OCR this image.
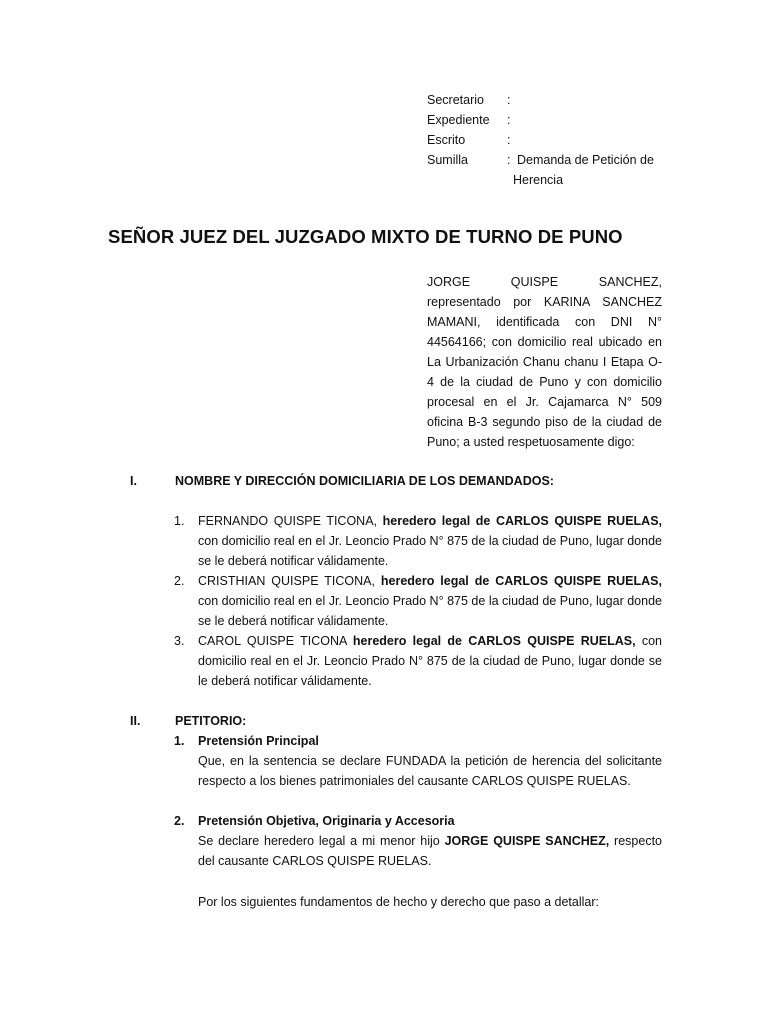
Secretario	:
Expediente	:
Escrito	:
Sumilla	: Demanda de Petición de
Herencia
SEÑOR JUEZ DEL JUZGADO MIXTO DE TURNO DE PUNO
JORGE QUISPE SANCHEZ, representado por KARINA SANCHEZ MAMANI, identificada con DNI N° 44564166; con domicilio real ubicado en La Urbanización Chanu chanu I Etapa O-4 de la ciudad de Puno y con domicilio procesal en el Jr. Cajamarca N° 509 oficina B-3 segundo piso de la ciudad de Puno; a usted respetuosamente digo:
I.	NOMBRE Y DIRECCIÓN DOMICILIARIA DE LOS DEMANDADOS:
1.	FERNANDO QUISPE TICONA, heredero legal de CARLOS QUISPE RUELAS, con domicilio real en el Jr. Leoncio Prado N° 875 de la ciudad de Puno, lugar donde se le deberá notificar válidamente.
2.	CRISTHIAN QUISPE TICONA, heredero legal de CARLOS QUISPE RUELAS, con domicilio real en el Jr. Leoncio Prado N° 875 de la ciudad de Puno, lugar donde se le deberá notificar válidamente.
3.	CAROL QUISPE TICONA heredero legal de CARLOS QUISPE RUELAS, con domicilio real en el Jr. Leoncio Prado N° 875 de la ciudad de Puno, lugar donde se le deberá notificar válidamente.
II.	PETITORIO:
1.	Pretensión Principal
Que, en la sentencia se declare FUNDADA la petición de herencia del solicitante respecto a los bienes patrimoniales del causante CARLOS QUISPE RUELAS.
2.	Pretensión Objetiva, Originaria y Accesoria
Se declare heredero legal a mi menor hijo JORGE QUISPE SANCHEZ, respecto del causante CARLOS QUISPE RUELAS.
Por los siguientes fundamentos de hecho y derecho que paso a detallar:
